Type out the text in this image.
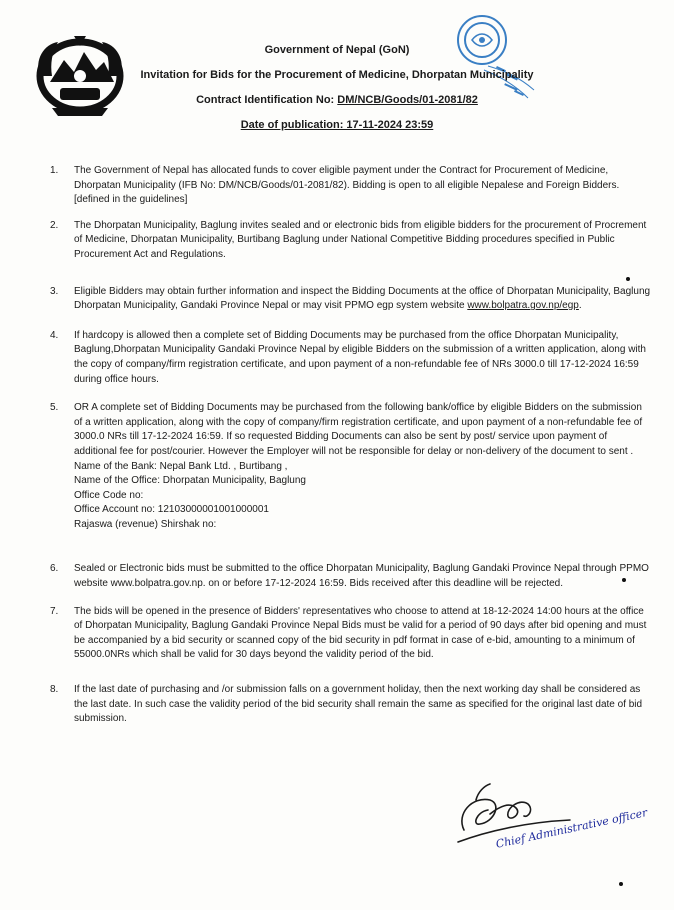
Government of Nepal (GoN)
Invitation for Bids for the Procurement of Medicine, Dhorpatan Municipality
Contract Identification No: DM/NCB/Goods/01-2081/82
Date of publication: 17-11-2024 23:59
1.	The Government of Nepal has allocated funds to cover eligible payment under the Contract for Procurement of Medicine, Dhorpatan Municipality (IFB No: DM/NCB/Goods/01-2081/82). Bidding is open to all eligible Nepalese and Foreign Bidders.[defined in the guidelines]
2.	The Dhorpatan Municipality, Baglung invites sealed and or electronic bids from eligible bidders for the procurement of Procrement of Medicine, Dhorpatan Municipality, Burtibang Baglung under National Competitive Bidding procedures specified in Public Procurement Act and Regulations.
3.	Eligible Bidders may obtain further information and inspect the Bidding Documents at the office of Dhorpatan Municipality, Baglung Dhorpatan Municipality, Gandaki Province Nepal or may visit PPMO egp system website www.bolpatra.gov.np/egp.
4.	If hardcopy is allowed then a complete set of Bidding Documents may be purchased from the office Dhorpatan Municipality, Baglung,Dhorpatan Municipality Gandaki Province Nepal by eligible Bidders on the submission of a written application, along with the copy of company/firm registration certificate, and upon payment of a non-refundable fee of NRs 3000.0 till 17-12-2024 16:59 during office hours.
5.	OR A complete set of Bidding Documents may be purchased from the following bank/office by eligible Bidders on the submission of a written application, along with the copy of company/firm registration certificate, and upon payment of a non-refundable fee of 3000.0 NRs till 17-12-2024 16:59. If so requested Bidding Documents can also be sent by post/ service upon payment of additional fee for post/courier. However the Employer will not be responsible for delay or non-delivery of the document to sent .
Name of the Bank: Nepal Bank Ltd. , Burtibang ,
Name of the Office: Dhorpatan Municipality, Baglung
Office Code no:
Office Account no: 12103000001001000001
Rajaswa (revenue) Shirshak no:
6.	Sealed or Electronic bids must be submitted to the office Dhorpatan Municipality, Baglung Gandaki Province Nepal through PPMO website www.bolpatra.gov.np. on or before 17-12-2024 16:59. Bids received after this deadline will be rejected.
7.	The bids will be opened in the presence of Bidders' representatives who choose to attend at 18-12-2024 14:00 hours at the office of Dhorpatan Municipality, Baglung Gandaki Province Nepal Bids must be valid for a period of 90 days after bid opening and must be accompanied by a bid security or scanned copy of the bid security in pdf format in case of e-bid, amounting to a minimum of 55000.0NRs which shall be valid for 30 days beyond the validity period of the bid.
8.	If the last date of purchasing and /or submission falls on a government holiday, then the next working day shall be considered as the last date. In such case the validity period of the bid security shall remain the same as specified for the original last date of bid submission.
Chief Administrative officer
